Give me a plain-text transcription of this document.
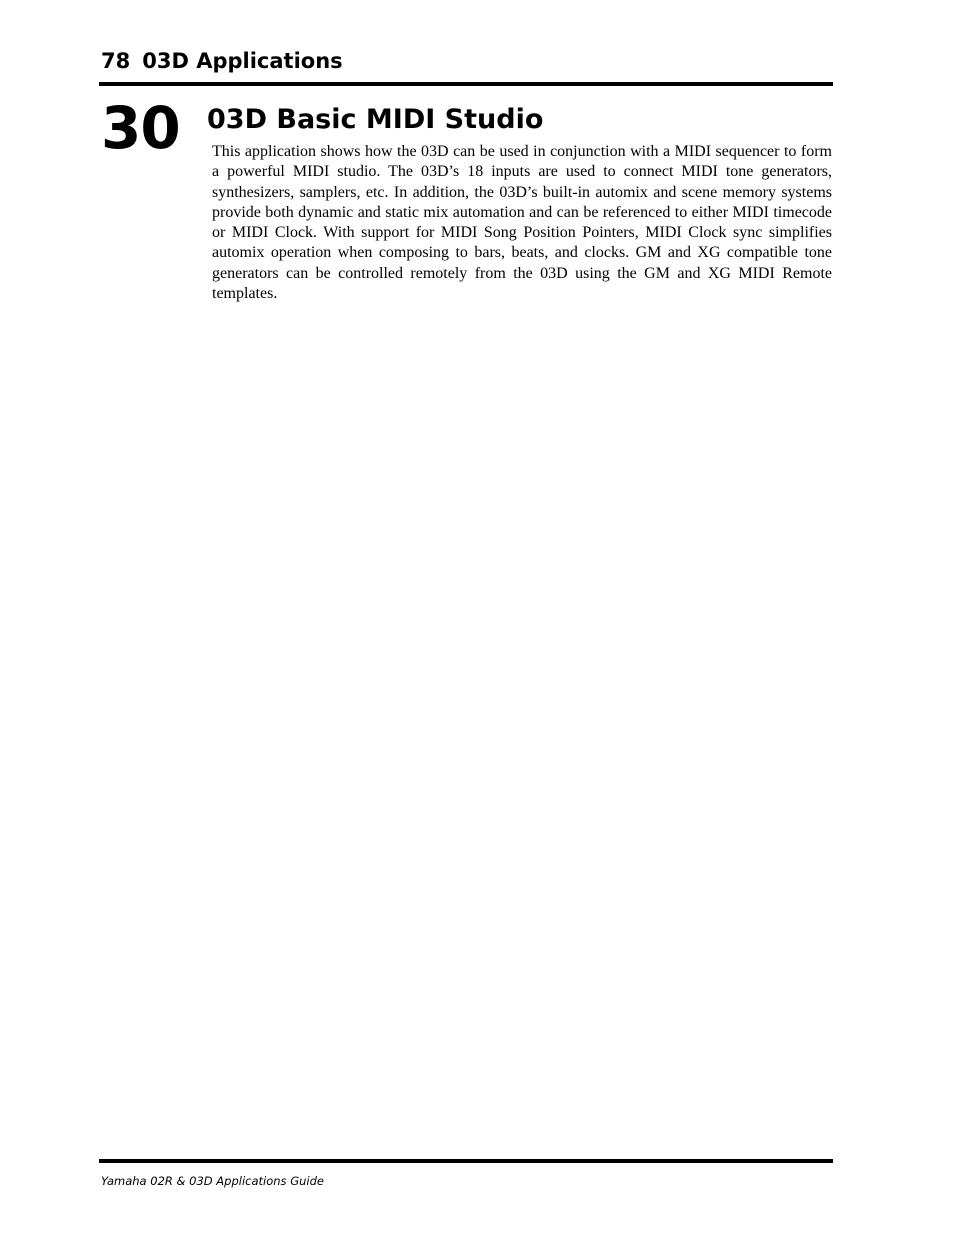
78 03D Applications
30 03D Basic MIDI Studio

This application shows how the 03D can be used in conjunction with a MIDI sequencer to form a powerful MIDI studio. The 03D’s 18 inputs are used to connect MIDI tone generators, synthesizers, samplers, etc. In addition, the 03D’s built-in automix and scene memory systems provide both dynamic and static mix automation and can be referenced to either MIDI timecode or MIDI Clock. With support for MIDI Song Position Pointers, MIDI Clock sync simplifies automix operation when composing to bars, beats, and clocks. GM and XG compatible tone generators can be controlled remotely from the 03D using the GM and XG MIDI Remote templates.

Yamaha 02R & 03D Applications Guide
